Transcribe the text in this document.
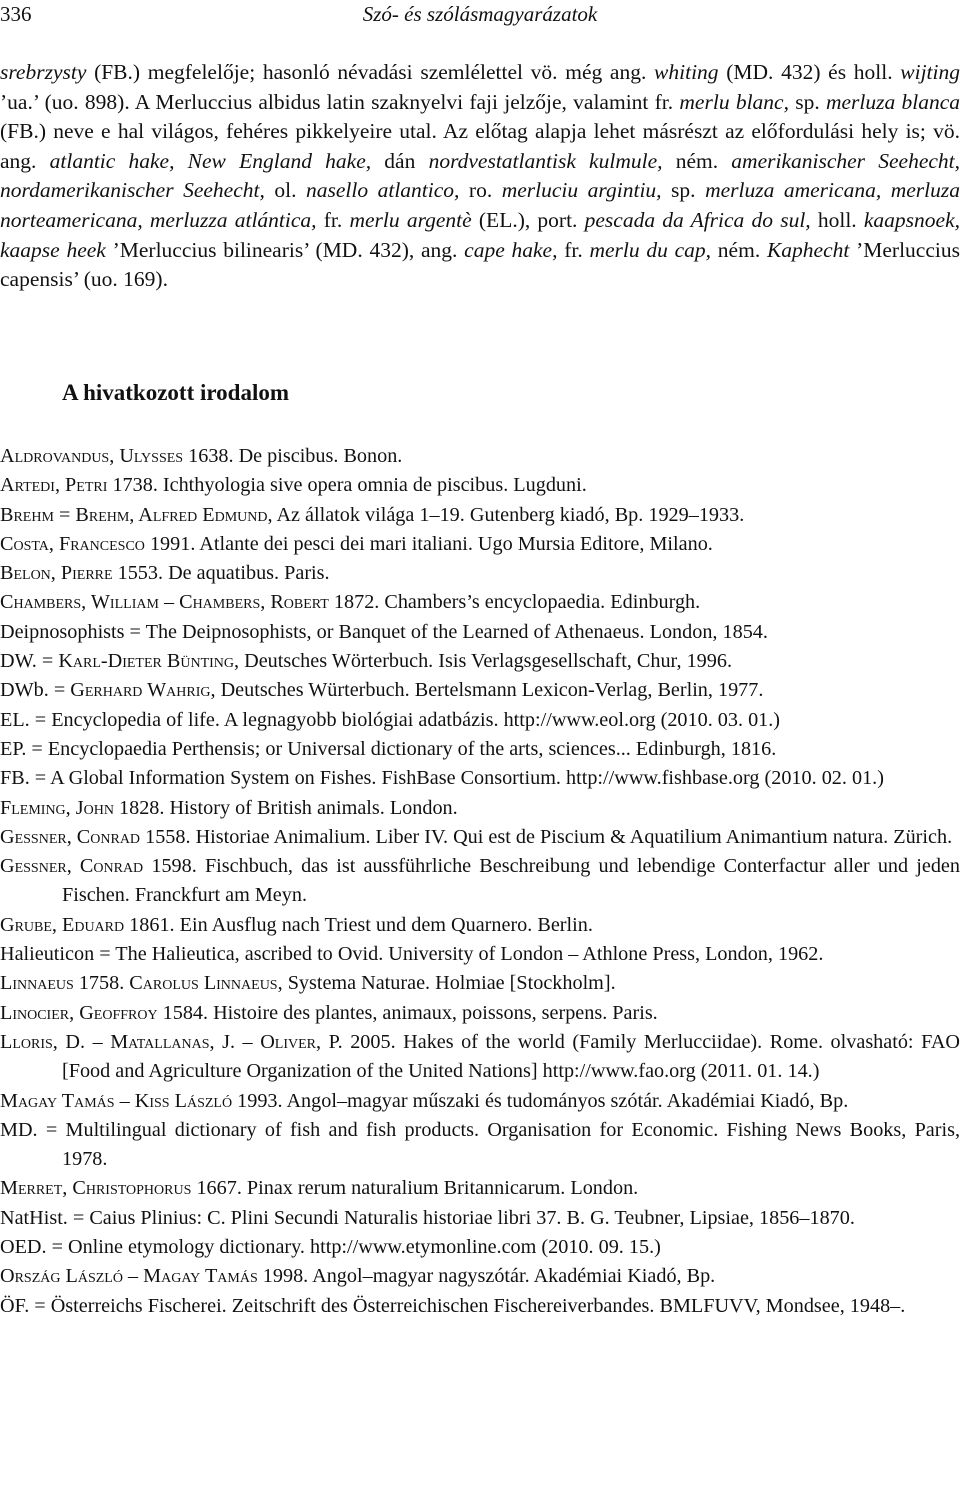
336	Szó- és szólásmagyarázatok
srebrzysty (FB.) megfelelője; hasonló névadási szemlélettel vö. még ang. whiting (MD. 432) és holl. wijting ’ua.’ (uo. 898). A Merluccius albidus latin szaknyelvi faji jelzője, valamint fr. merlu blanc, sp. merluza blanca (FB.) neve e hal világos, fehéres pikkelyeire utal. Az előtag alapja lehet másrészt az előfordulási hely is; vö. ang. atlantic hake, New England hake, dán nordvestatlantisk kulmule, ném. amerikanischer Seehecht, nordamerikanischer Seehecht, ol. nasello atlantico, ro. merluciu argintiu, sp. merluza americana, merluza norteamericana, merluzza atlántica, fr. merlu argentè (EL.), port. pescada da Africa do sul, holl. kaapsnoek, kaapse heek ’Merluccius bilinearis’ (MD. 432), ang. cape hake, fr. merlu du cap, ném. Kaphecht ’Merluccius capensis’ (uo. 169).
A hivatkozott irodalom

Aldrovandus, Ulysses 1638. De piscibus. Bonon.

Artedi, Petri 1738. Ichthyologia sive opera omnia de piscibus. Lugduni.

Brehm = Brehm, Alfred Edmund, Az állatok világa 1–19. Gutenberg kiadó, Bp. 1929–1933.

Costa, Francesco 1991. Atlante dei pesci dei mari italiani. Ugo Mursia Editore, Milano.

Belon, Pierre 1553. De aquatibus. Paris.

Chambers, William – Chambers, Robert 1872. Chambers’s encyclopaedia. Edinburgh.

Deipnosophists = The Deipnosophists, or Banquet of the Learned of Athenaeus. London, 1854.

DW. = Karl-Dieter Bünting, Deutsches Wörterbuch. Isis Verlagsgesellschaft, Chur, 1996.

DWb. = Gerhard Wahrig, Deutsches Würterbuch. Bertelsmann Lexicon-Verlag, Berlin, 1977.

EL. = Encyclopedia of life. A legnagyobb biológiai adatbázis. http://www.eol.org (2010. 03. 01.)

EP. = Encyclopaedia Perthensis; or Universal dictionary of the arts, sciences... Edinburgh, 1816.

FB. = A Global Information System on Fishes. FishBase Consortium. http://www.fishbase.org (2010. 02. 01.)

Fleming, John 1828. History of British animals. London.

Gessner, Conrad 1558. Historiae Animalium. Liber IV. Qui est de Piscium & Aquatilium Animantium natura. Zürich.

Gessner, Conrad 1598. Fischbuch, das ist aussführliche Beschreibung und lebendige Conterfactur aller und jeden Fischen. Franckfurt am Meyn.

Grube, Eduard 1861. Ein Ausflug nach Triest und dem Quarnero. Berlin.

Halieuticon = The Halieutica, ascribed to Ovid. University of London – Athlone Press, London, 1962.

Linnaeus 1758. Carolus Linnaeus, Systema Naturae. Holmiae [Stockholm].

Linocier, Geoffroy 1584. Histoire des plantes, animaux, poissons, serpens. Paris.

Lloris, D. – Matallanas, J. – Oliver, P. 2005. Hakes of the world (Family Merlucciidae). Rome. olvasható: FAO [Food and Agriculture Organization of the United Nations] http://www.fao.org (2011. 01. 14.)

Magay Tamás – Kiss László 1993. Angol–magyar műszaki és tudományos szótár. Akadémiai Kiadó, Bp.

MD. = Multilingual dictionary of fish and fish products. Organisation for Economic. Fishing News Books, Paris, 1978.

Merret, Christophorus 1667. Pinax rerum naturalium Britannicarum. London.

NatHist. = Caius Plinius: C. Plini Secundi Naturalis historiae libri 37. B. G. Teubner, Lipsiae, 1856–1870.

OED. = Online etymology dictionary. http://www.etymonline.com (2010. 09. 15.)

Ország László – Magay Tamás 1998. Angol–magyar nagyszótár. Akadémiai Kiadó, Bp.

ÖF. = Österreichs Fischerei. Zeitschrift des Österreichischen Fischereiverbandes. BMLFUVV, Mondsee, 1948–.
